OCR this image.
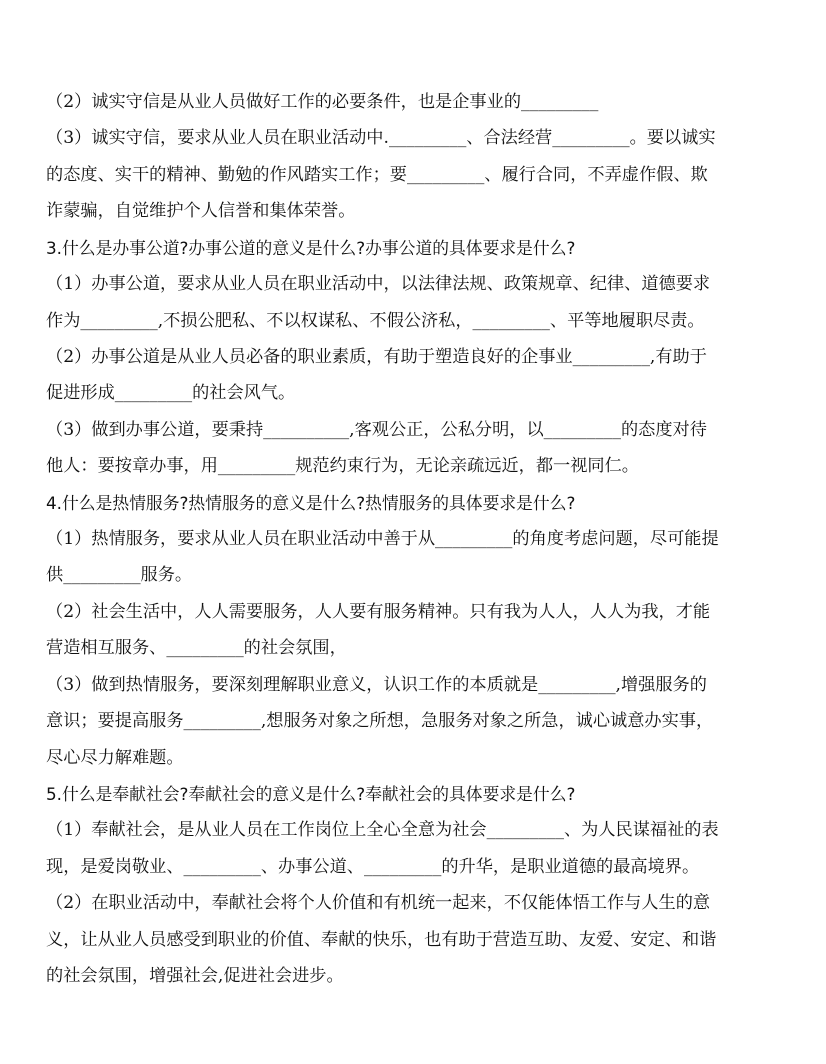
（2）诚实守信是从业人员做好工作的必要条件，也是企事业的_________
（3）诚实守信，要求从业人员在职业活动中._________、合法经营_________。要以诚实
的态度、实干的精神、勤勉的作风踏实工作；要_________、履行合同，不弄虚作假、欺
诈蒙骗，自觉维护个人信誉和集体荣誉。
3.什么是办事公道?办事公道的意义是什么?办事公道的具体要求是什么?
（1）办事公道，要求从业人员在职业活动中，以法律法规、政策规章、纪律、道德要求
作为_________,不损公肥私、不以权谋私、不假公济私，_________、平等地履职尽责。
（2）办事公道是从业人员必备的职业素质，有助于塑造良好的企事业_________,有助于
促进形成_________的社会风气。
（3）做到办事公道，要秉持__________,客观公正，公私分明，以_________的态度对待
他人：要按章办事，用_________规范约束行为，无论亲疏远近，都一视同仁。
4.什么是热情服务?热情服务的意义是什么?热情服务的具体要求是什么?
（1）热情服务，要求从业人员在职业活动中善于从_________的角度考虑问题，尽可能提
供_________服务。
（2）社会生活中，人人需要服务，人人要有服务精神。只有我为人人，人人为我，才能
营造相互服务、_________的社会氛围，
（3）做到热情服务，要深刻理解职业意义，认识工作的本质就是_________,增强服务的
意识；要提高服务_________,想服务对象之所想，急服务对象之所急，诚心诚意办实事，
尽心尽力解难题。
5.什么是奉献社会?奉献社会的意义是什么?奉献社会的具体要求是什么?
（1）奉献社会，是从业人员在工作岗位上全心全意为社会_________、为人民谋福祉的表
现，是爱岗敬业、_________、办事公道、_________的升华，是职业道德的最高境界。
（2）在职业活动中，奉献社会将个人价值和有机统一起来，不仅能体悟工作与人生的意
义，让从业人员感受到职业的价值、奉献的快乐，也有助于营造互助、友爱、安定、和谐
的社会氛围，增强社会,促进社会进步。
